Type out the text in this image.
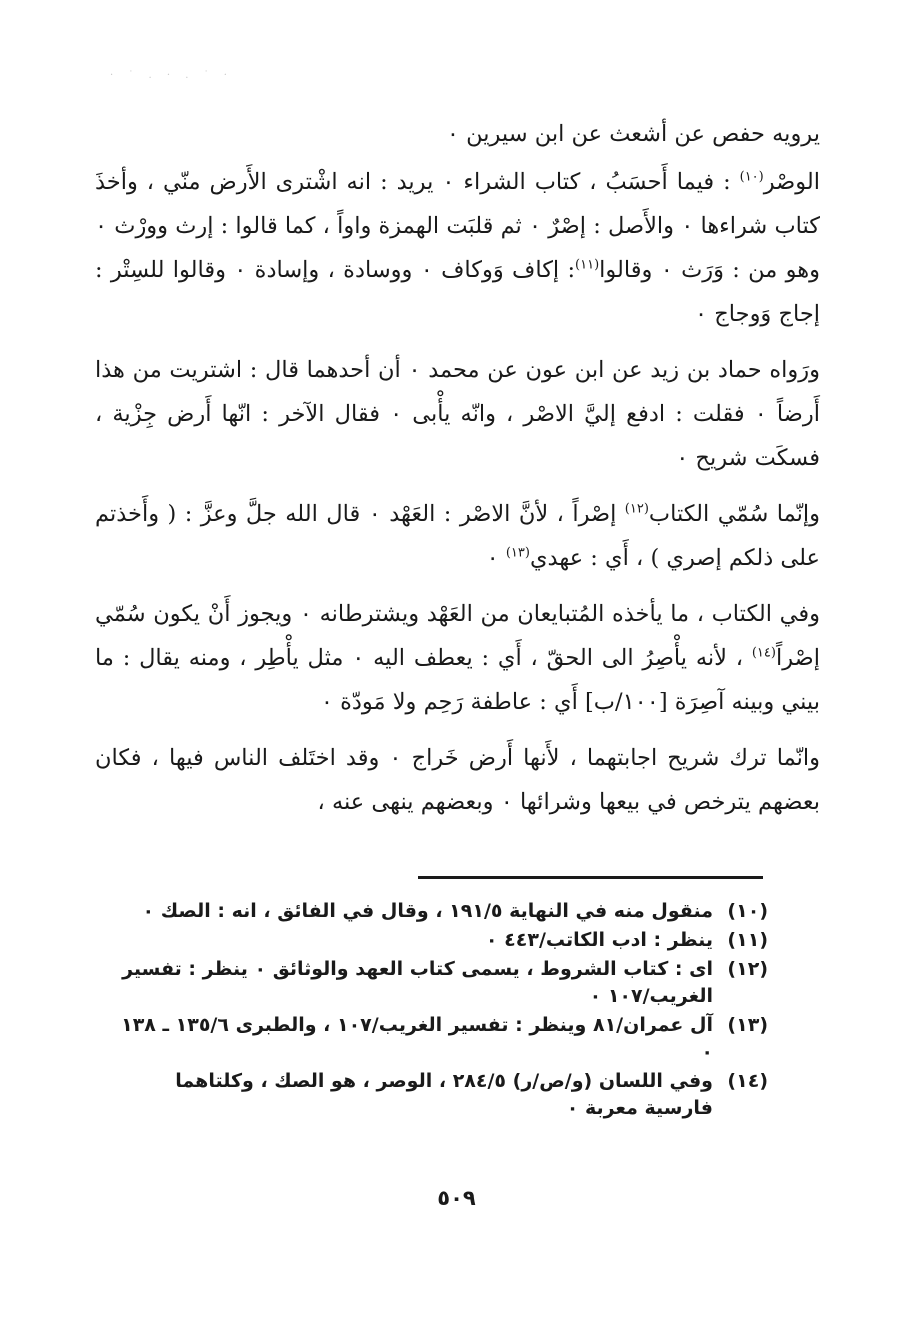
· ˙ . · . ˙ ·

يرويه حفص عن أشعث عن ابن سيرين ٠

الوصْر$^{(١٠)}$ : فيما أَحسَبُ ، كتاب الشراء ٠ يريد : انه اشْترى الأَرض منّي ، وأخذَ كتاب شراءها ٠ والأَصل : إصْرٌ ٠ ثم قلبَت الهمزة واواً ، كما قالوا : إرث وورْث ٠ وهو من : وَرَث ٠ وقالوا$^{(١١)}$: إكاف وَوكاف ٠ ووسادة ، وإسادة ٠ وقالوا للسِتْر : إجاج وَوجاج ٠

ورَواه حماد بن زيد عن ابن عون عن محمد ٠ أن أحدهما قال : اشتريت من هذا أَرضاً ٠ فقلت : ادفع إليَّ الاصْر ، وانّه يأْبى ٠ فقال الآخر : انّها أَرض جِزْية ، فسكَت شريح ٠

وإنّما سُمّي الكتاب$^{(١٢)}$ إصْراً ، لأنَّ الاصْر : العَهْد ٠ قال الله جلَّ وعزَّ : ( وأَخذتم على ذلكم إصري ) ، أَي : عهدي$^{(١٣)}$ ٠

وفي الكتاب ، ما يأخذه المُتبايعان من العَهْد ويشترطانه ٠ ويجوز أَنْ يكون سُمّي إصْراً$^{(١٤)}$ ، لأنه يأْصِرُ الى الحقّ ، أَي : يعطف اليه ٠ مثل يأْطِر ، ومنه يقال : ما بيني وبينه آصِرَة [١٠٠/ب] أَي : عاطفة رَحِم ولا مَودّة ٠

وانّما ترك شريح اجابتهما ، لأَنها أَرض خَراج ٠ وقد اختَلف الناس فيها ، فكان بعضهم يترخص في بيعها وشرائها ٠ وبعضهم ينهى عنه ،

(١٠)
منقول منه في النهاية ١٩١/٥ ، وقال في الفائق ، انه : الصك ٠
(١١)
ينظر : ادب الكاتب/٤٤٣ ٠
(١٢)
اى : كتاب الشروط ، يسمى كتاب العهد والوثائق ٠ ينظر : تفسير الغريب/١٠٧ ٠
(١٣)
آل عمران/٨١ وينظر : تفسير الغريب/١٠٧ ، والطبرى ١٣٥/٦ ـ ١٣٨ ٠
(١٤)
وفي اللسان (و/ص/ر) ٢٨٤/٥ ، الوصر ، هو الصك ، وكلتاهما فارسية معربة ٠
٥٠٩
